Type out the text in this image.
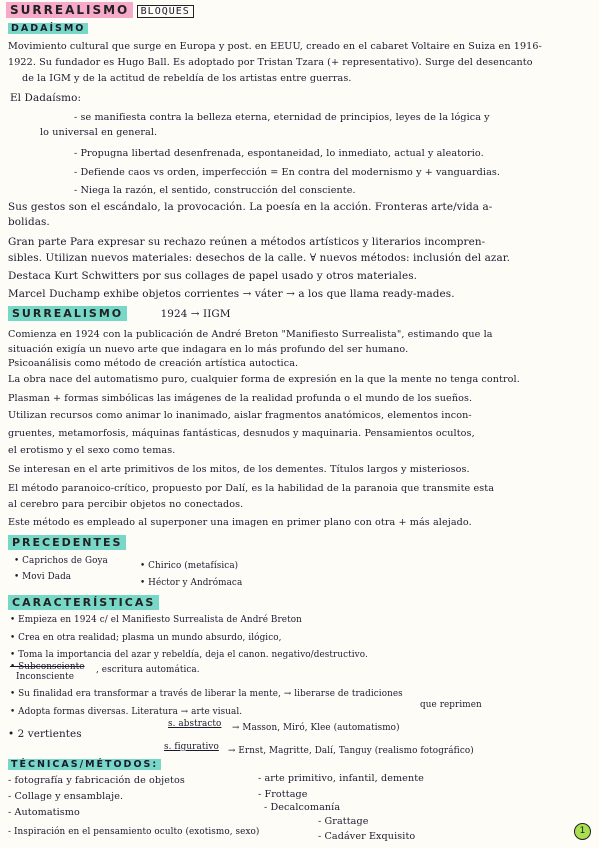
SURREALISMO BLOQUES
DADAÍSMO
Movimiento cultural que surge en Europa y post. en EEUU, creado en el cabaret Voltaire en Suiza en 1916-
1922. Su fundador es Hugo Ball. Es adoptado por Tristan Tzara (+ representativo). Surge del desencanto
de la IGM y de la actitud de rebeldía de los artistas entre guerras.
El Dadaísmo:
- se manifiesta contra la belleza eterna, eternidad de principios, leyes de la lógica y
lo universal en general.
- Propugna libertad desenfrenada, espontaneidad, lo inmediato, actual y aleatorio.
- Defiende caos vs orden, imperfección = En contra del modernismo y + vanguardias.
- Niega la razón, el sentido, construcción del consciente.
Sus gestos son el escándalo, la provocación. La poesía en la acción. Fronteras arte/vida a-
bolidas.
Gran parte Para expresar su rechazo reúnen a métodos artísticos y literarios incompren-
sibles. Utilizan nuevos materiales: desechos de la calle. ∀ nuevos métodos: inclusión del azar.
Destaca Kurt Schwitters por sus collages de papel usado y otros materiales.
Marcel Duchamp exhibe objetos corrientes → váter → a los que llama ready-mades.
SURREALISMO	1924 → IIGM
Comienza en 1924 con la publicación de André Breton "Manifiesto Surrealista", estimando que la
situación exigía un nuevo arte que indagara en lo más profundo del ser humano.
Psicoanálisis como método de creación artística autoctica.
La obra nace del automatismo puro, cualquier forma de expresión en la que la mente no tenga control.
Plasman + formas simbólicas las imágenes de la realidad profunda o el mundo de los sueños.
Utilizan recursos como animar lo inanimado, aislar fragmentos anatómicos, elementos incon-
gruentes, metamorfosis, máquinas fantásticas, desnudos y maquinaria. Pensamientos ocultos,
el erotismo y el sexo como temas.
Se interesan en el arte primitivos de los mitos, de los dementes. Títulos largos y misteriosos.
El método paranoico-crítico, propuesto por Dalí, es la habilidad de la paranoia que transmite esta
al cerebro para percibir objetos no conectados.
Este método es empleado al superponer una imagen en primer plano con otra + más alejado.
PRECEDENTES
• Caprichos de Goya
• Movi Dada
• Chirico (metafísica)
• Héctor y Andrómaca
CARACTERÍSTICAS
• Empieza en 1924 c/ el Manifiesto Surrealista de André Breton
• Crea en otra realidad; plasma un mundo absurdo, ilógico,
• Toma la importancia del azar y rebeldía, deja el canon. negativo/destructivo.
• Subconsciente
Inconsciente
, escritura automática.
• Su finalidad era transformar a través de liberar la mente, → liberarse de tradiciones
que reprimen
• Adopta formas diversas. Literatura → arte visual.
• 2 vertientes
s. abstracto → Masson, Miró, Klee (automatismo)
s. figurativo → Ernst, Magritte, Dalí, Tanguy (realismo fotográfico)
TÉCNICAS/MÉTODOS:
- fotografía y fabricación de objetos
- Collage y ensamblaje.
- Automatismo
- Inspiración en el pensamiento oculto (exotismo, sexo)
- arte primitivo, infantil, demente
- Frottage
- Decalcomanía
- Grattage
- Cadáver Exquisito	1
